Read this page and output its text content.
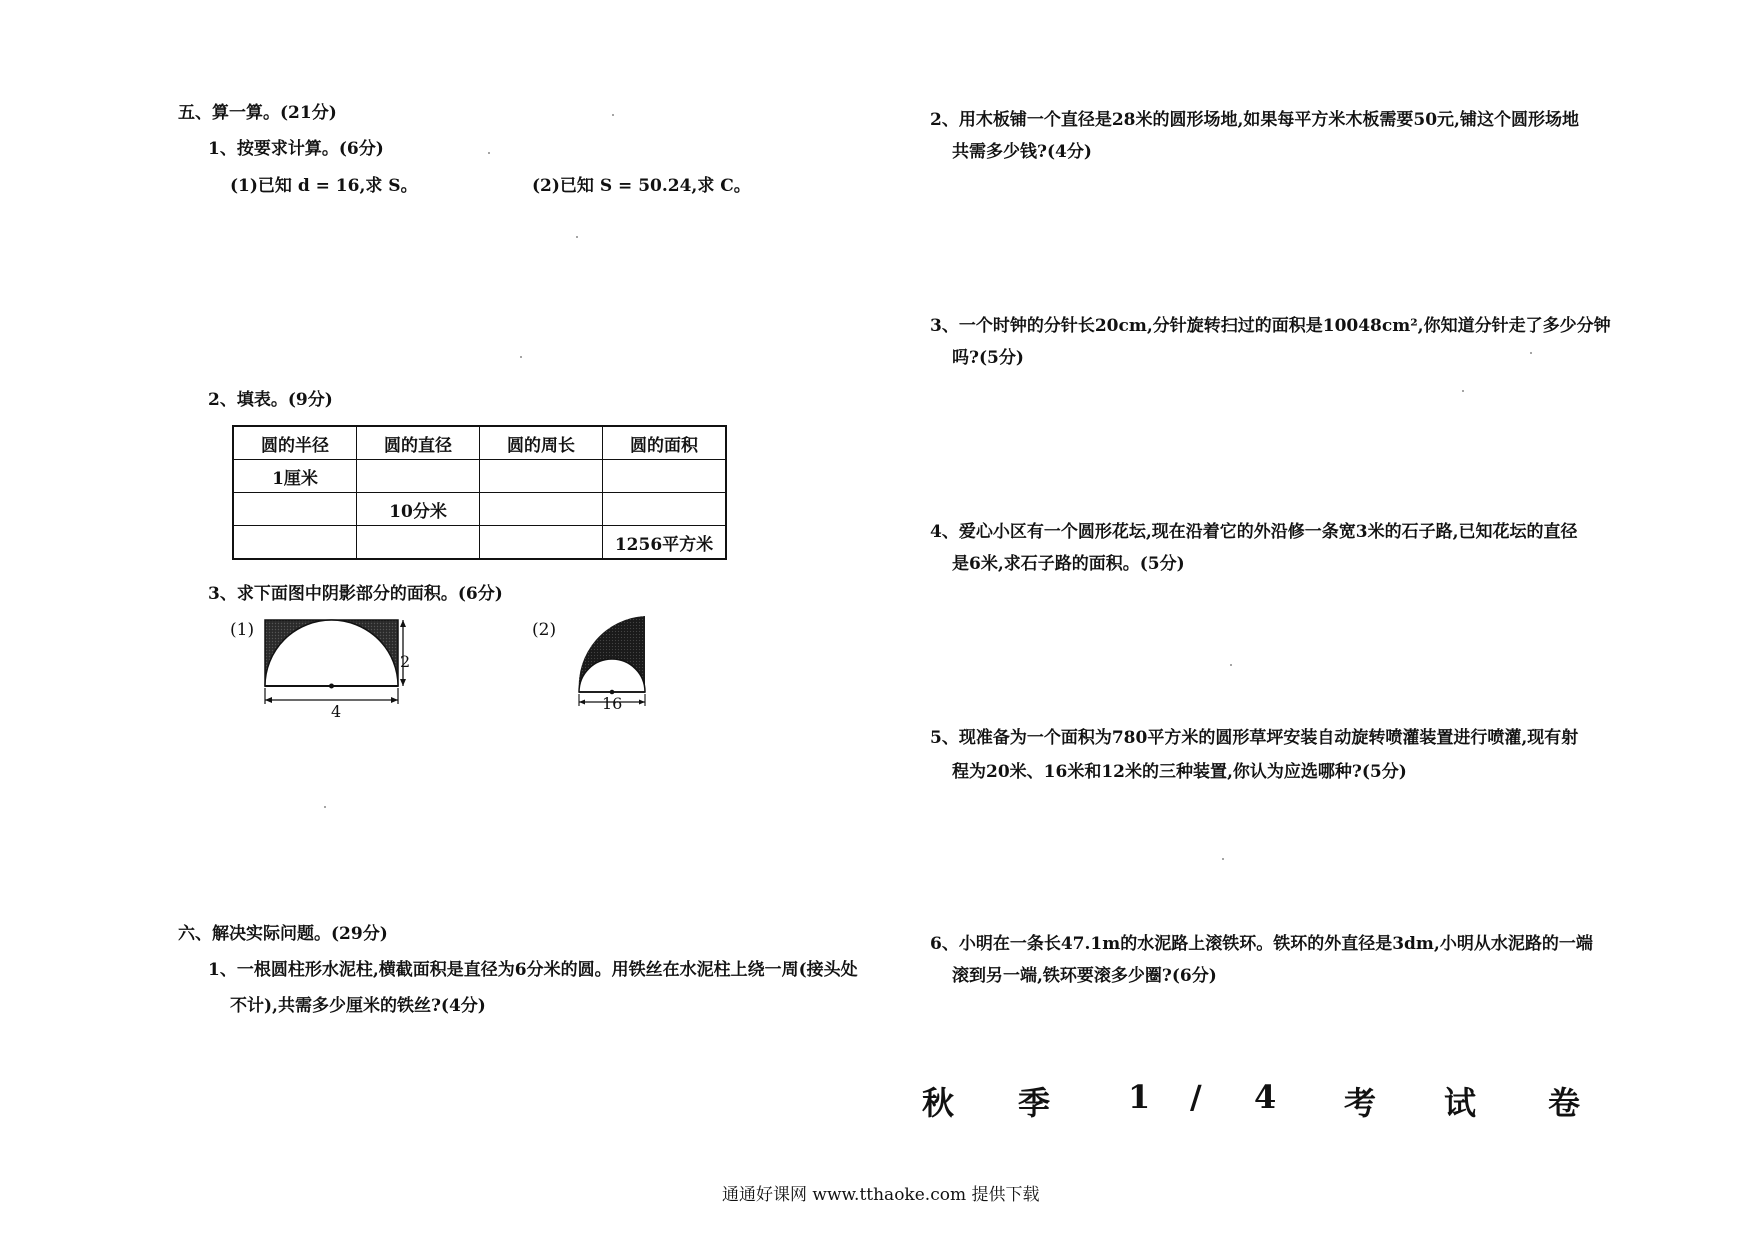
五、算一算。(21分)
1、按要求计算。(6分)
(1)已知 d = 16,求 S。	(2)已知 S = 50.24,求 C。
2、填表。(9分)
圆的半径	圆的直径	圆的周长	圆的面积
1厘米			
	10分米		
			1256平方米
3、求下面图中阴影部分的面积。(6分)
(1)
4
2
(2)
16
六、解决实际问题。(29分)
1、一根圆柱形水泥柱,横截面积是直径为6分米的圆。用铁丝在水泥柱上绕一周(接头处
不计),共需多少厘米的铁丝?(4分)
2、用木板铺一个直径是28米的圆形场地,如果每平方米木板需要50元,铺这个圆形场地
共需多少钱?(4分)
3、一个时钟的分针长20cm,分针旋转扫过的面积是10048cm²,你知道分针走了多少分钟
吗?(5分)
4、爱心小区有一个圆形花坛,现在沿着它的外沿修一条宽3米的石子路,已知花坛的直径
是6米,求石子路的面积。(5分)
5、现准备为一个面积为780平方米的圆形草坪安装自动旋转喷灌装置进行喷灌,现有射
程为20米、16米和12米的三种装置,你认为应选哪种?(5分)
6、小明在一条长47.1m的水泥路上滚铁环。铁环的外直径是3dm,小明从水泥路的一端
滚到另一端,铁环要滚多少圈?(6分)
秋 季 1 / 4 考 试 卷
通通好课网 www.tthaoke.com 提供下载
